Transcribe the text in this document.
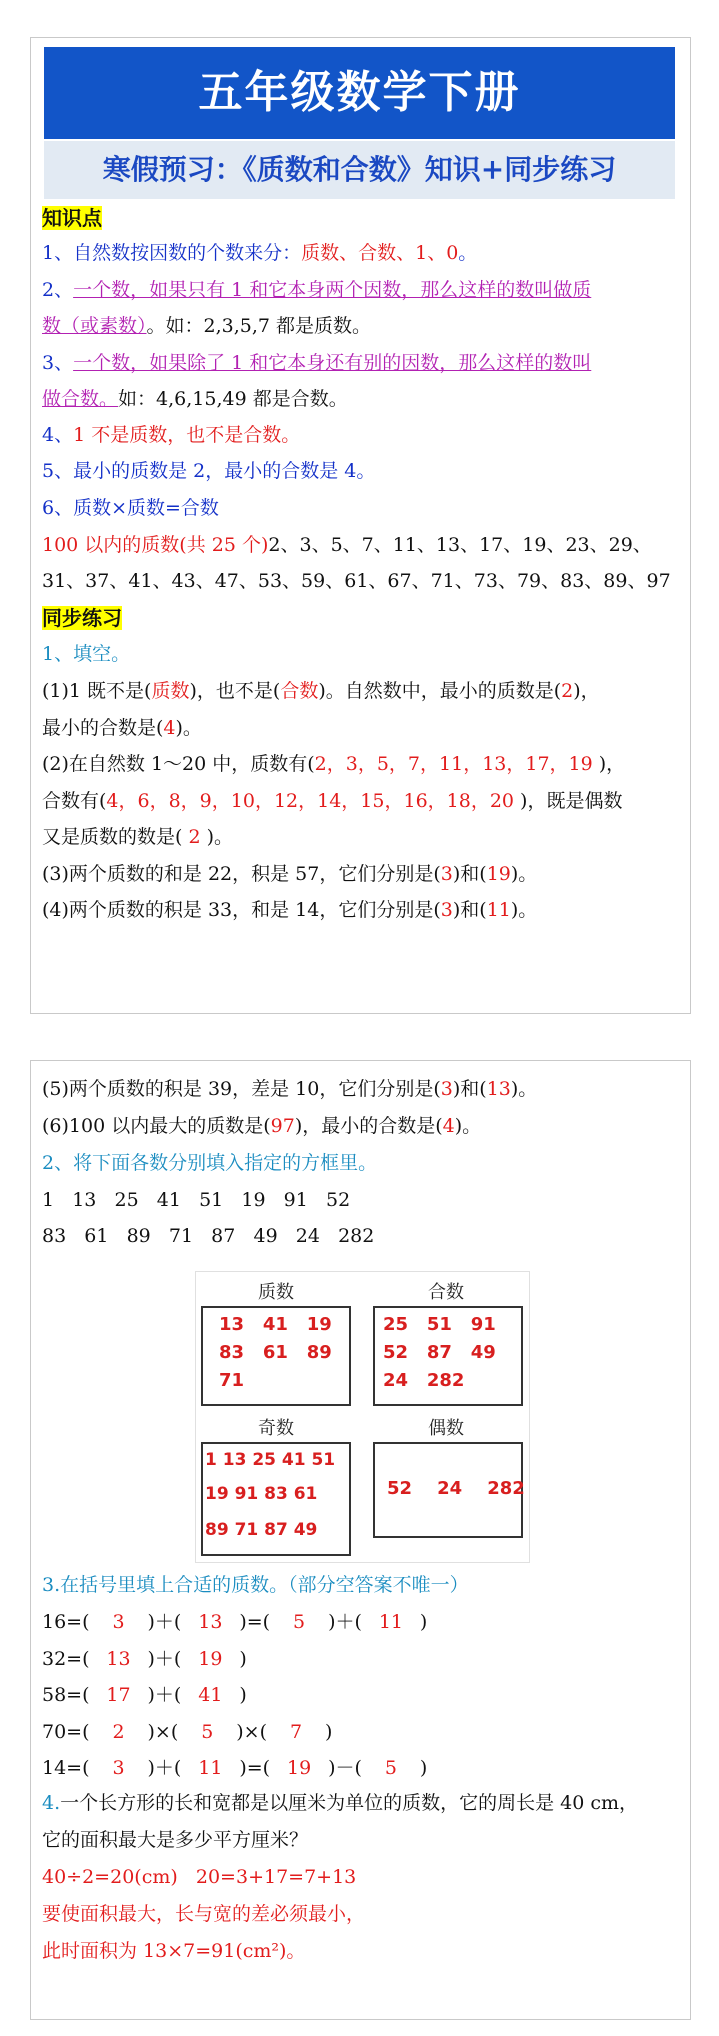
五年级数学下册
寒假预习：《质数和合数》知识+同步练习
知识点
1、自然数按因数的个数来分：质数、合数、1、0。
2、一个数，如果只有 1 和它本身两个因数，那么这样的数叫做质
数（或素数）。如：2,3,5,7 都是质数。
3、一个数，如果除了 1 和它本身还有别的因数，那么这样的数叫
做合数。如：4,6,15,49 都是合数。
4、1 不是质数，也不是合数。
5、最小的质数是 2，最小的合数是 4。
6、质数×质数=合数
100 以内的质数(共 25 个)2、3、5、7、11、13、17、19、23、29、
31、37、41、43、47、53、59、61、67、71、73、79、83、89、97
同步练习
1、填空。
(1)1 既不是(质数)，也不是(合数)。自然数中，最小的质数是(2)，
最小的合数是(4)。
(2)在自然数 1～20 中，质数有(2，3，5，7，11，13，17，19 )，
合数有(4，6，8，9，10，12，14，15，16，18，20 )，既是偶数
又是质数的数是( 2 )。
(3)两个质数的和是 22，积是 57，它们分别是(3)和(19)。
(4)两个质数的积是 33，和是 14，它们分别是(3)和(11)。
(5)两个质数的积是 39，差是 10，它们分别是(3)和(13)。
(6)100 以内最大的质数是(97)，最小的合数是(4)。
2、将下面各数分别填入指定的方框里。
1   13   25   41   51   19   91   52
83   61   89   71   87   49   24   282
质数
13   41   19
83   61   89
71
合数
25   51   91
52   87   49
24   282
奇数
1 13 25 41 51
19 91 83 61
89 71 87 49
偶数
52    24    282
3.在括号里填上合适的质数。（部分空答案不唯一）
16=( 3 )＋( 13 )=( 5 )＋( 11 )
32=( 13 )＋( 19 )
58=( 17 )＋( 41 )
70=( 2 )×( 5 )×( 7 )
14=( 3 )＋( 11 )=( 19 )－( 5 )
4.一个长方形的长和宽都是以厘米为单位的质数，它的周长是 40 cm，
它的面积最大是多少平方厘米？
40÷2=20(cm)   20=3+17=7+13
要使面积最大，长与宽的差必须最小，
此时面积为 13×7=91(cm²)。
